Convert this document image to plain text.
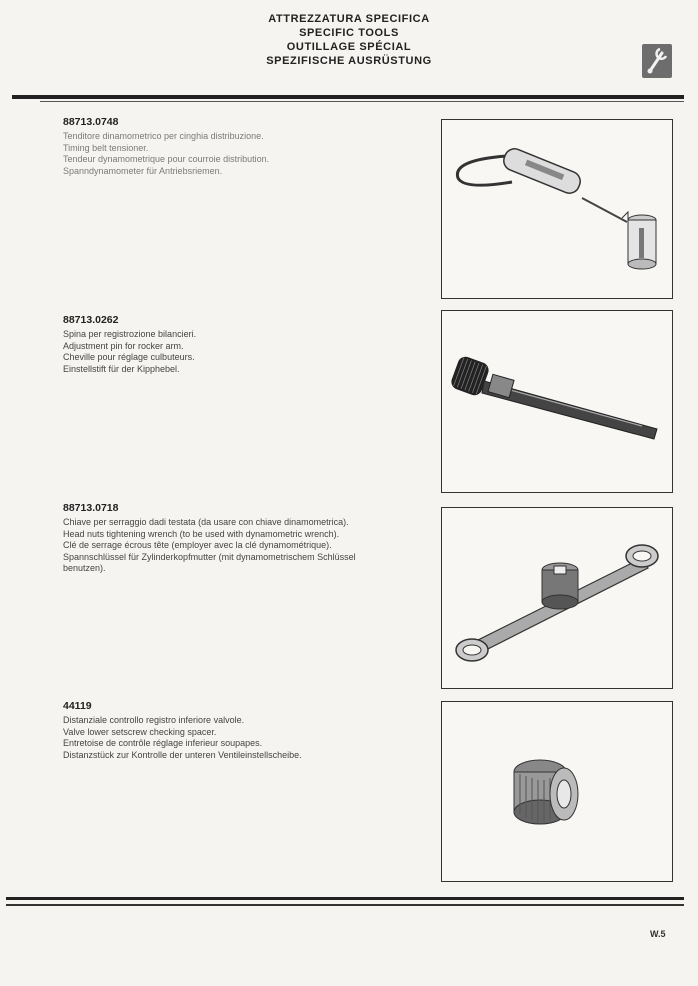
ATTREZZATURA SPECIFICA
SPECIFIC TOOLS
OUTILLAGE SPÉCIAL
SPEZIFISCHE AUSRÜSTUNG
88713.0748

Tenditore dinamometrico per cinghia distribuzione.

Timing belt tensioner.

Tendeur dynamometrique pour courroie distribution.

Spanndynamometer für Antriebsriemen.

88713.0262

Spina per registrozione bilancieri.

Adjustment pin for rocker arm.

Cheville pour réglage culbuteurs.

Einstellstift für der Kipphebel.

88713.0718

Chiave per serraggio dadi testata (da usare con chiave dinamometrica).

Head nuts tightening wrench (to be used with dynamometric wrench).

Clé de serrage écrous tête (employer avec la clé dynamométrique).

Spannschlüssel für Zylinderkopfmutter (mit dynamometrischem Schlüssel

benutzen).

44119

Distanziale controllo registro inferiore valvole.

Valve lower setscrew checking spacer.

Entretoise de contrôle réglage inferieur soupapes.

Distanzstück zur Kontrolle der unteren Ventileinstellscheibe.

W.5
